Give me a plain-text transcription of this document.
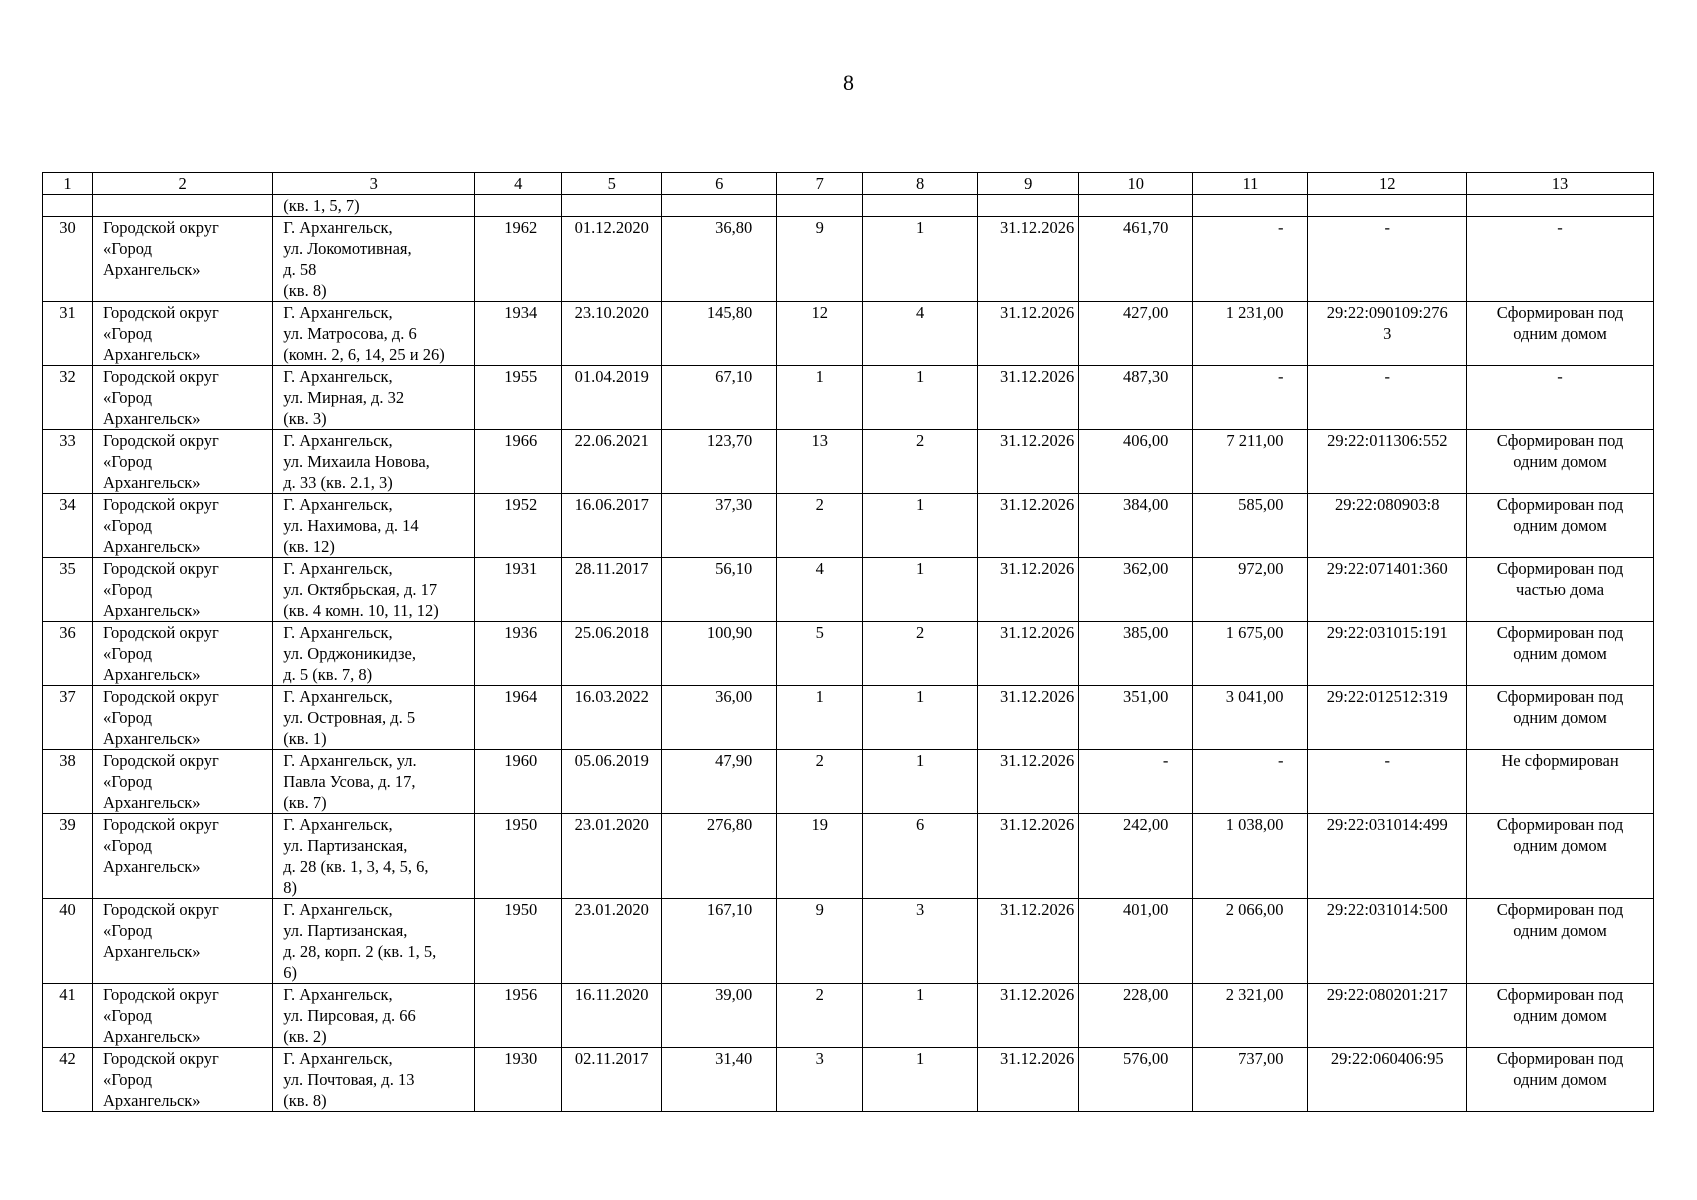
8
1	2	3	4	5	6	7	8	9	10	11	12	13
		(кв. 1, 5, 7)										
30	Городской округ
«Город
Архангельск»	Г. Архангельск,
ул. Локомотивная,
д. 58
(кв. 8)	1962	01.12.2020	36,80	9	1	31.12.2026	461,70	-	-	-
31	Городской округ
«Город
Архангельск»	Г. Архангельск,
ул. Матросова, д. 6
(комн. 2, 6, 14, 25 и 26)	1934	23.10.2020	145,80	12	4	31.12.2026	427,00	1 231,00	29:22:090109:276
3	Сформирован под
одним домом
32	Городской округ
«Город
Архангельск»	Г. Архангельск,
ул. Мирная, д. 32
(кв. 3)	1955	01.04.2019	67,10	1	1	31.12.2026	487,30	-	-	-
33	Городской округ
«Город
Архангельск»	Г. Архангельск,
ул. Михаила Новова,
д. 33 (кв. 2.1, 3)	1966	22.06.2021	123,70	13	2	31.12.2026	406,00	7 211,00	29:22:011306:552	Сформирован под
одним домом
34	Городской округ
«Город
Архангельск»	Г. Архангельск,
ул. Нахимова, д. 14
(кв. 12)	1952	16.06.2017	37,30	2	1	31.12.2026	384,00	585,00	29:22:080903:8	Сформирован под
одним домом
35	Городской округ
«Город
Архангельск»	Г. Архангельск,
ул. Октябрьская, д. 17
(кв. 4 комн. 10, 11, 12)	1931	28.11.2017	56,10	4	1	31.12.2026	362,00	972,00	29:22:071401:360	Сформирован под
частью дома
36	Городской округ
«Город
Архангельск»	Г. Архангельск,
ул. Орджоникидзе,
д. 5 (кв. 7, 8)	1936	25.06.2018	100,90	5	2	31.12.2026	385,00	1 675,00	29:22:031015:191	Сформирован под
одним домом
37	Городской округ
«Город
Архангельск»	Г. Архангельск,
ул. Островная, д. 5
(кв. 1)	1964	16.03.2022	36,00	1	1	31.12.2026	351,00	3 041,00	29:22:012512:319	Сформирован под
одним домом
38	Городской округ
«Город
Архангельск»	Г. Архангельск, ул.
Павла Усова, д. 17,
(кв. 7)	1960	05.06.2019	47,90	2	1	31.12.2026	-	-	-	Не сформирован
39	Городской округ
«Город
Архангельск»	Г. Архангельск,
ул. Партизанская,
д. 28 (кв. 1, 3, 4, 5, 6,
8)	1950	23.01.2020	276,80	19	6	31.12.2026	242,00	1 038,00	29:22:031014:499	Сформирован под
одним домом
40	Городской округ
«Город
Архангельск»	Г. Архангельск,
ул. Партизанская,
д. 28, корп. 2 (кв. 1, 5,
6)	1950	23.01.2020	167,10	9	3	31.12.2026	401,00	2 066,00	29:22:031014:500	Сформирован под
одним домом
41	Городской округ
«Город
Архангельск»	Г. Архангельск,
ул. Пирсовая, д. 66
(кв. 2)	1956	16.11.2020	39,00	2	1	31.12.2026	228,00	2 321,00	29:22:080201:217	Сформирован под
одним домом
42	Городской округ
«Город
Архангельск»	Г. Архангельск,
ул. Почтовая, д. 13
(кв. 8)	1930	02.11.2017	31,40	3	1	31.12.2026	576,00	737,00	29:22:060406:95	Сформирован под
одним домом
